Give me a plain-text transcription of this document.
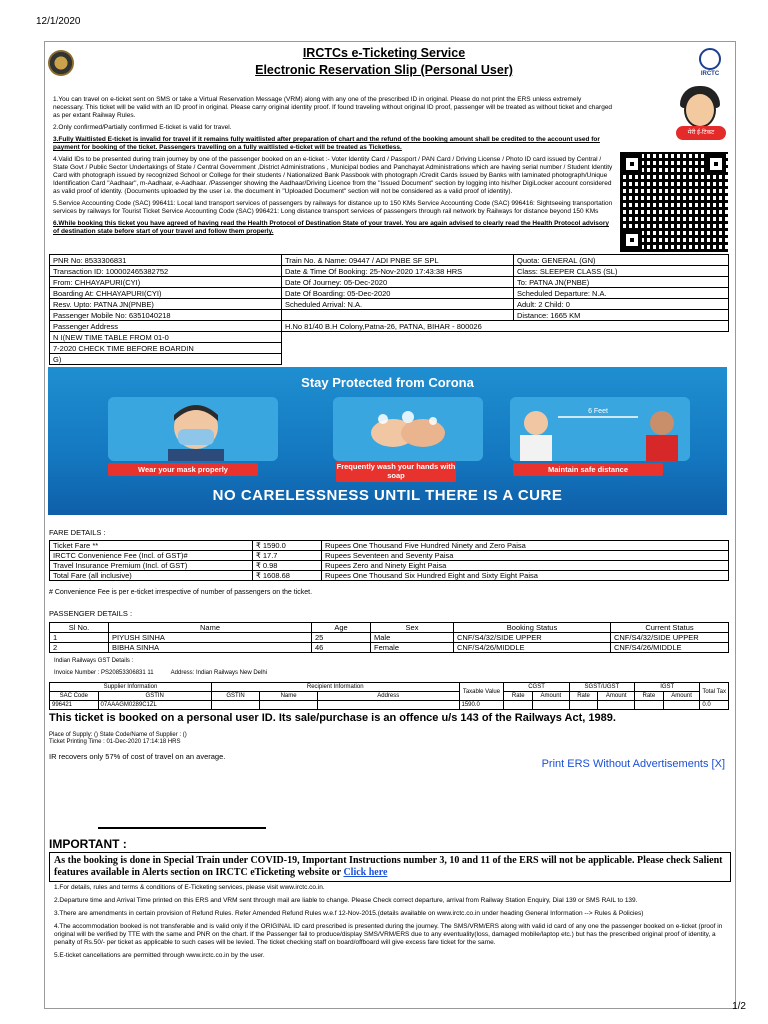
12/1/2020
IRCTCs e-Ticketing Service
Electronic Reservation Slip (Personal User)	IRCTC
मेरी ई-टिकट

1.You can travel on e-ticket sent on SMS or take a Virtual Reservation Message (VRM) along with any one of the prescribed ID in original. Please do not print the ERS unless extremely necessary. This ticket will be valid with an ID proof in original. Please carry original identity proof. If found traveling without original ID proof, passenger will be treated as without ticket and charged as per extant Railway Rules.

2.Only confirmed/Partially confirmed E-ticket is valid for travel.

3.Fully Waitlisted E-ticket is invalid for travel if it remains fully waitlisted after preparation of chart and the refund of the booking amount shall be credited to the account used for payment for booking of the ticket. Passengers travelling on a fully waitlisted e-ticket will be treated as Ticketless.

4.Valid IDs to be presented during train journey by one of the passenger booked on an e-ticket :- Voter Identity Card / Passport / PAN Card / Driving License / Photo ID card issued by Central / State Govt / Public Sector Undertakings of State / Central Government ,District Administrations , Municipal bodies and Panchayat Administrations which are having serial number / Student Identity Card with photograph issued by recognized School or College for their students / Nationalized Bank Passbook with photograph /Credit Cards issued by Banks with laminated photograph/Unique Identification Card "Aadhaar", m-Aadhaar, e-Aadhaar. /Passenger showing the Aadhaar/Driving Licence from the "Issued Document" section by logging into his/her DigiLocker account considered as valid proof of identity. (Documents uploaded by the user i.e. the document in "Uploaded Document" section will not be considered as a valid proof of identity).

5.Service Accounting Code (SAC) 996411: Local land transport services of passengers by railways for distance up to 150 KMs Service Accounting Code (SAC) 996416: Sightseeing transportation services by railways for Tourist Ticket Service Accounting Code (SAC) 996421: Long distance transport services of passengers through rail network by Railways for distance beyond 150 KMs

6.While booking this ticket you have agreed of having read the Health Protocol of Destination State of your travel. You are again advised to clearly read the Health Protocol advisory of destination state before start of your travel and follow them properly.

PNR No: 8533306831	Train No. & Name: 09447 / ADI PNBE SF SPL	Quota: GENERAL (GN)
Transaction ID: 100002465382752	Date & Time Of Booking: 25-Nov-2020 17:43:38 HRS	Class: SLEEPER CLASS (SL)
From: CHHAYAPURI(CYI)	Date Of Journey: 05-Dec-2020	To: PATNA JN(PNBE)
Boarding At: CHHAYAPURI(CYI)	Date Of Boarding: 05-Dec-2020	Scheduled Departure: N.A.
Resv. Upto: PATNA JN(PNBE)	Scheduled Arrival: N.A.	Adult: 2 Child: 0
Passenger Mobile No: 6351040218		Distance: 1665 KM
Passenger Address	H.No 81/40 B.H Colony,Patna-26, PATNA, BIHAR - 800026	
N I(NEW TIME TABLE FROM 01-0		
7-2020 CHECK TIME BEFORE BOARDIN		
G)		
Stay Protected from Corona
6 Feet
Wear your mask properly	Frequently wash your hands with soap
Maintain safe distance
NO CARELESSNESS UNTIL THERE IS A CURE
FARE DETAILS :
Ticket Fare **	₹ 1590.0	Rupees One Thousand Five Hundred Ninety and Zero Paisa
IRCTC Convenience Fee (Incl. of GST)#	₹ 17.7	Rupees Seventeen and Seventy Paisa
Travel Insurance Premium (Incl. of GST)	₹ 0.98	Rupees Zero and Ninety Eight Paisa
Total Fare (all inclusive)	₹ 1608.68	Rupees One Thousand Six Hundred Eight and Sixty Eight Paisa
# Convenience Fee is per e-ticket irrespective of number of passengers on the ticket.
PASSENGER DETAILS :
Sl No.	Name	Age	Sex	Booking Status	Current Status
1	PIYUSH SINHA	25	Male	CNF/S4/32/SIDE UPPER	CNF/S4/32/SIDE UPPER
2	BIBHA SINHA	46	Female	CNF/S4/26/MIDDLE	CNF/S4/26/MIDDLE
Indian Railways GST Details :
Invoice Number : PS20853306831 11	Address: Indian Railways New Delhi
Supplier Information		Recipient Information			Taxable Value	CGST		SGST/UGST		IGST		Total Tax
SAC Code	GSTIN	GSTIN	Name	Address		Rate	Amount	Rate	Amount	Rate	Amount	
996421	07AAAGM0289C1ZL				1590.0							0.0
This ticket is booked on a personal user ID. Its sale/purchase is an offence u/s 143 of the Railways Act, 1989.
Place of Supply: () State Code/Name of Supplier : ()
Ticket Printing Time : 01-Dec-2020 17:14:18 HRS
IR recovers only 57% of cost of travel on an average.
Print ERS Without Advertisements [X]
IMPORTANT :
As the booking is done in Special Train under COVID-19, Important Instructions number 3, 10 and 11 of the ERS will not be applicable. Please check Salient features available in Alerts section on IRCTC eTicketing website or Click here

1.For details, rules and terms & conditions of E-Ticketing services, please visit www.irctc.co.in.

2.Departure time and Arrival Time printed on this ERS and VRM sent through mail are liable to change. Please Check correct departure, arrival from Railway Station Enquiry, Dial 139 or SMS RAIL to 139.

3.There are amendments in certain provision of Refund Rules. Refer Amended Refund Rules w.e.f 12-Nov-2015.(details available on www.irctc.co.in under heading General Information --> Rules & Policies)

4.The accommodation booked is not transferable and is valid only if the ORIGINAL ID card prescribed is presented during the journey. The SMS/VRM/ERS along with valid id card of any one the passenger booked on e-ticket (proof in original will be verified by TTE with the same and PNR on the chart. If the Passenger fail to produce/display SMS/VRM/ERS due to any eventuality(loss, damaged mobile/laptop etc.) but has the prescribed original proof of identity, a penalty of Rs.50/- per ticket as applicable to such cases will be levied. The ticket checking staff on board/offboard will give excess fare ticket for the same.

5.E-ticket cancellations are permitted through www.irctc.co.in by the user.

1/2
